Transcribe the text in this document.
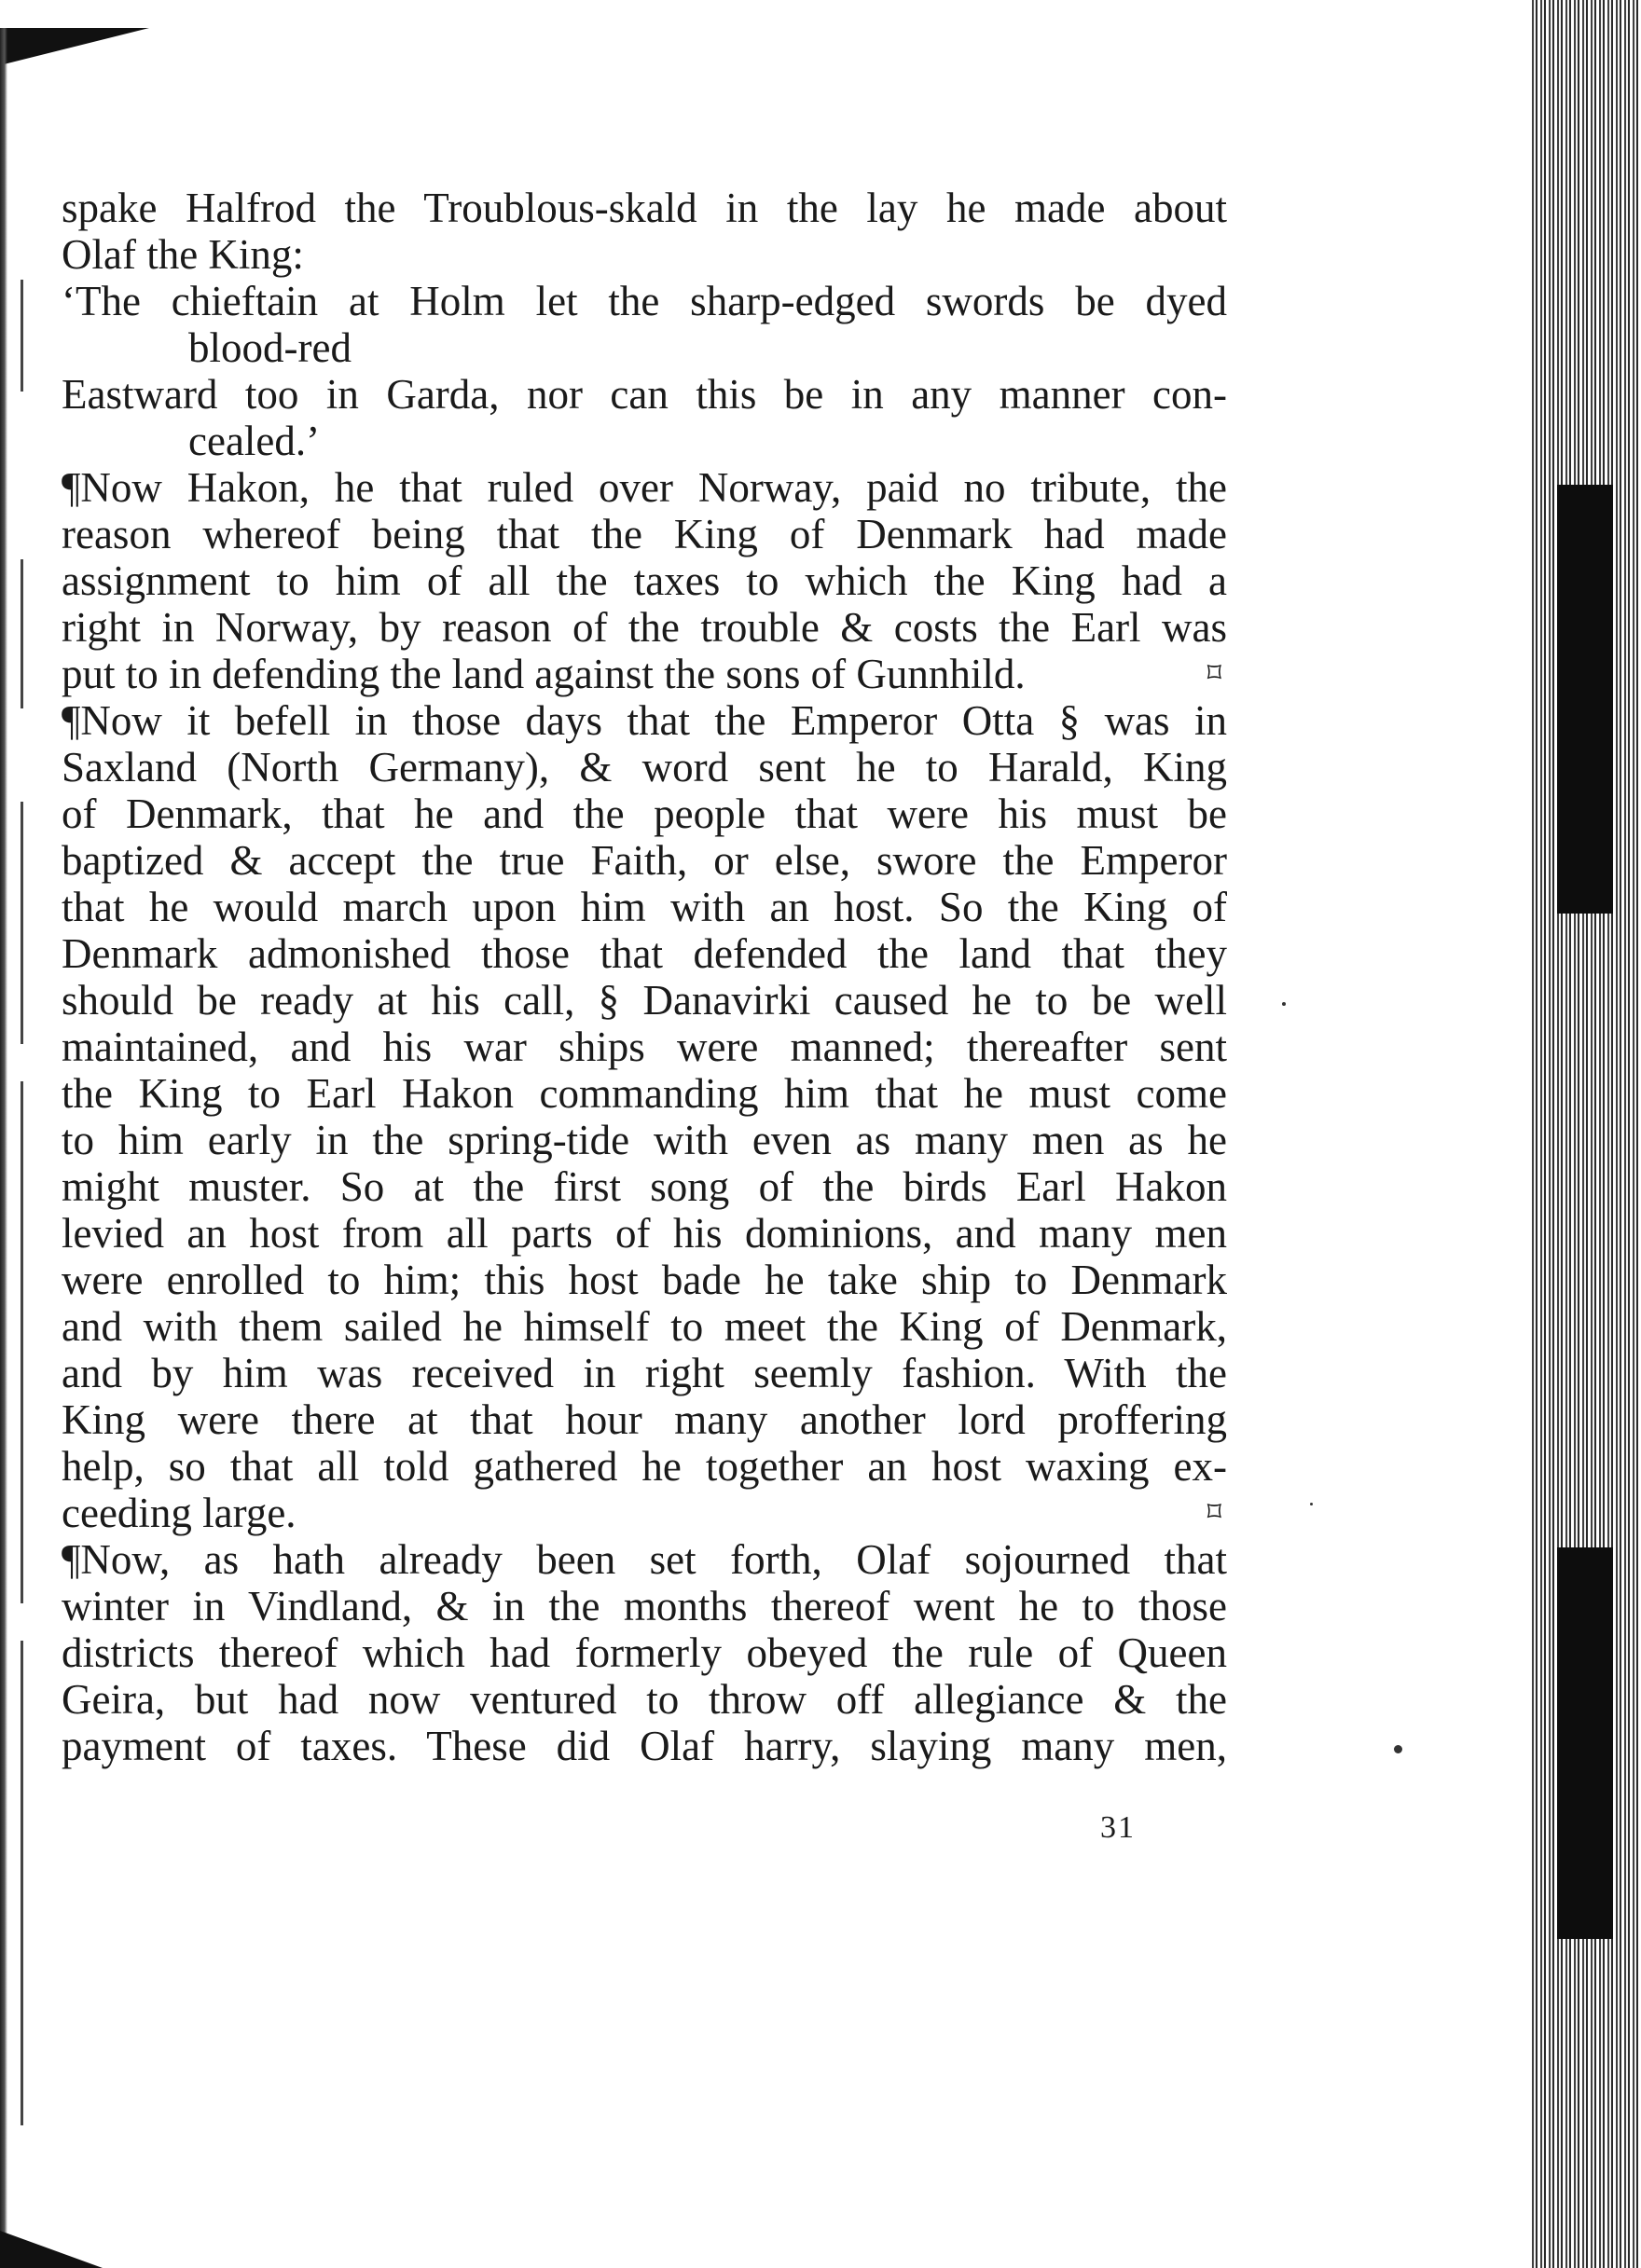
spake Halfrod the Troublous-skald in the lay he made about
Olaf the King:
‘The chieftain at Holm let the sharp-edged swords be dyed
blood-red
Eastward too in Garda, nor can this be in any manner con-
cealed.’
¶Now Hakon, he that ruled over Norway, paid no tribute, the
reason whereof being that the King of Denmark had made
assignment to him of all the taxes to which the King had a
right in Norway, by reason of the trouble & costs the Earl was
put to in defending the land against the sons of Gunnhild.	⌑
¶Now it befell in those days that the Emperor Otta § was in
Saxland (North Germany), & word sent he to Harald, King
of Denmark, that he and the people that were his must be
baptized & accept the true Faith, or else, swore the Emperor
that he would march upon him with an host. So the King of
Denmark admonished those that defended the land that they
should be ready at his call, § Danavirki caused he to be well
maintained, and his war ships were manned; thereafter sent
the King to Earl Hakon commanding him that he must come
to him early in the spring-tide with even as many men as he
might muster. So at the first song of the birds Earl Hakon
levied an host from all parts of his dominions, and many men
were enrolled to him; this host bade he take ship to Denmark
and with them sailed he himself to meet the King of Denmark,
and by him was received in right seemly fashion. With the
King were there at that hour many another lord proffering
help, so that all told gathered he together an host waxing ex-
ceeding large.	⌑
¶Now, as hath already been set forth, Olaf sojourned that
winter in Vindland, & in the months thereof went he to those
districts thereof which had formerly obeyed the rule of Queen
Geira, but had now ventured to throw off allegiance & the
payment of taxes. These did Olaf harry, slaying many men,
31
